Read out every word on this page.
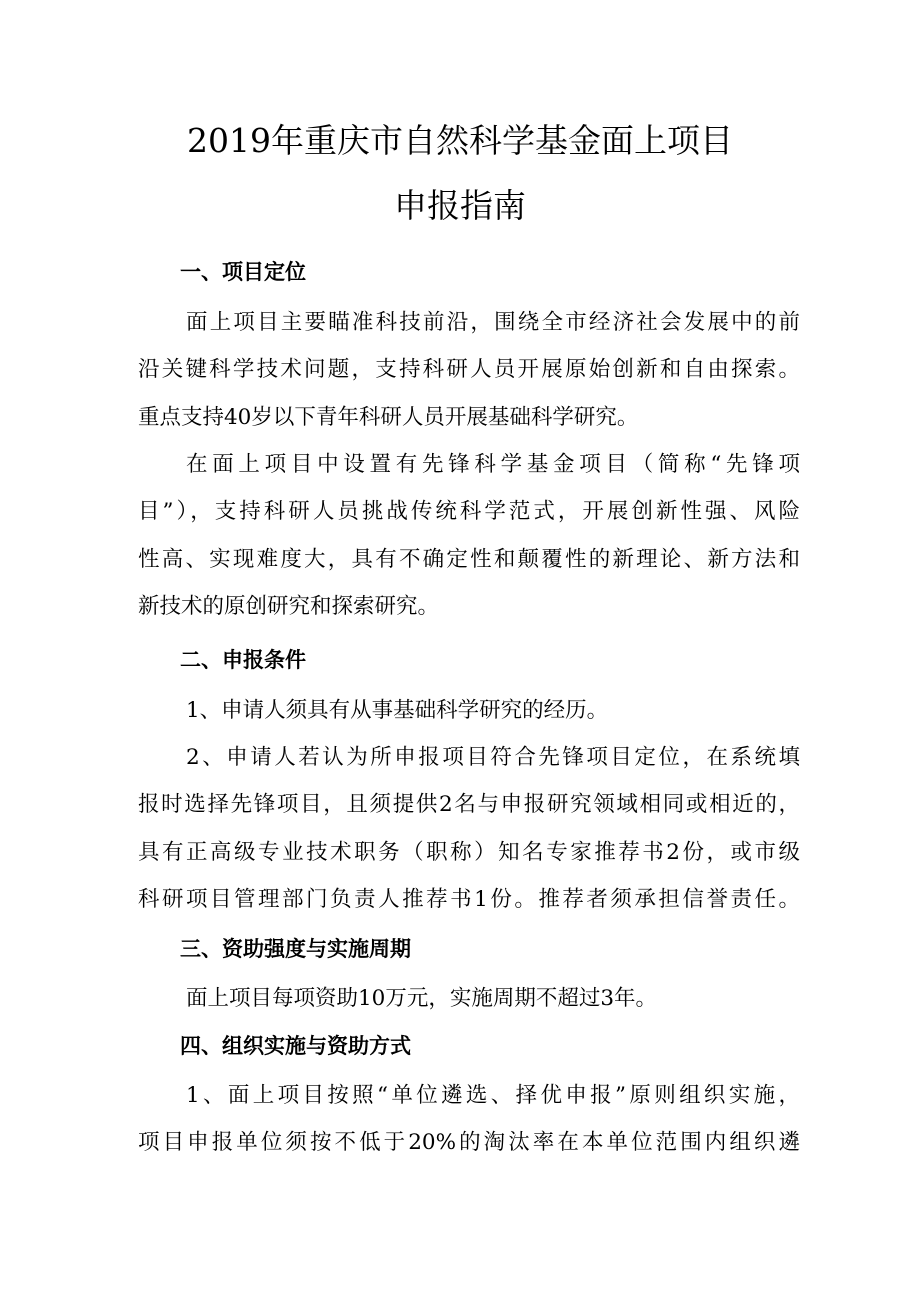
2019年重庆市自然科学基金面上项目
申报指南
一、项目定位
面上项目主要瞄准科技前沿，围绕全市经济社会发展中的前
沿关键科学技术问题，支持科研人员开展原始创新和自由探索。
重点支持40岁以下青年科研人员开展基础科学研究。
在面上项目中设置有先锋科学基金项目（简称“先锋项
目”），支持科研人员挑战传统科学范式，开展创新性强、风险
性高、实现难度大，具有不确定性和颠覆性的新理论、新方法和
新技术的原创研究和探索研究。
二、申报条件
1、申请人须具有从事基础科学研究的经历。
2、申请人若认为所申报项目符合先锋项目定位，在系统填
报时选择先锋项目，且须提供2名与申报研究领域相同或相近的，
具有正高级专业技术职务（职称）知名专家推荐书2份，或市级
科研项目管理部门负责人推荐书1份。推荐者须承担信誉责任。
三、资助强度与实施周期
面上项目每项资助10万元，实施周期不超过3年。
四、组织实施与资助方式
1、面上项目按照“单位遴选、择优申报”原则组织实施，
项目申报单位须按不低于20%的淘汰率在本单位范围内组织遴
